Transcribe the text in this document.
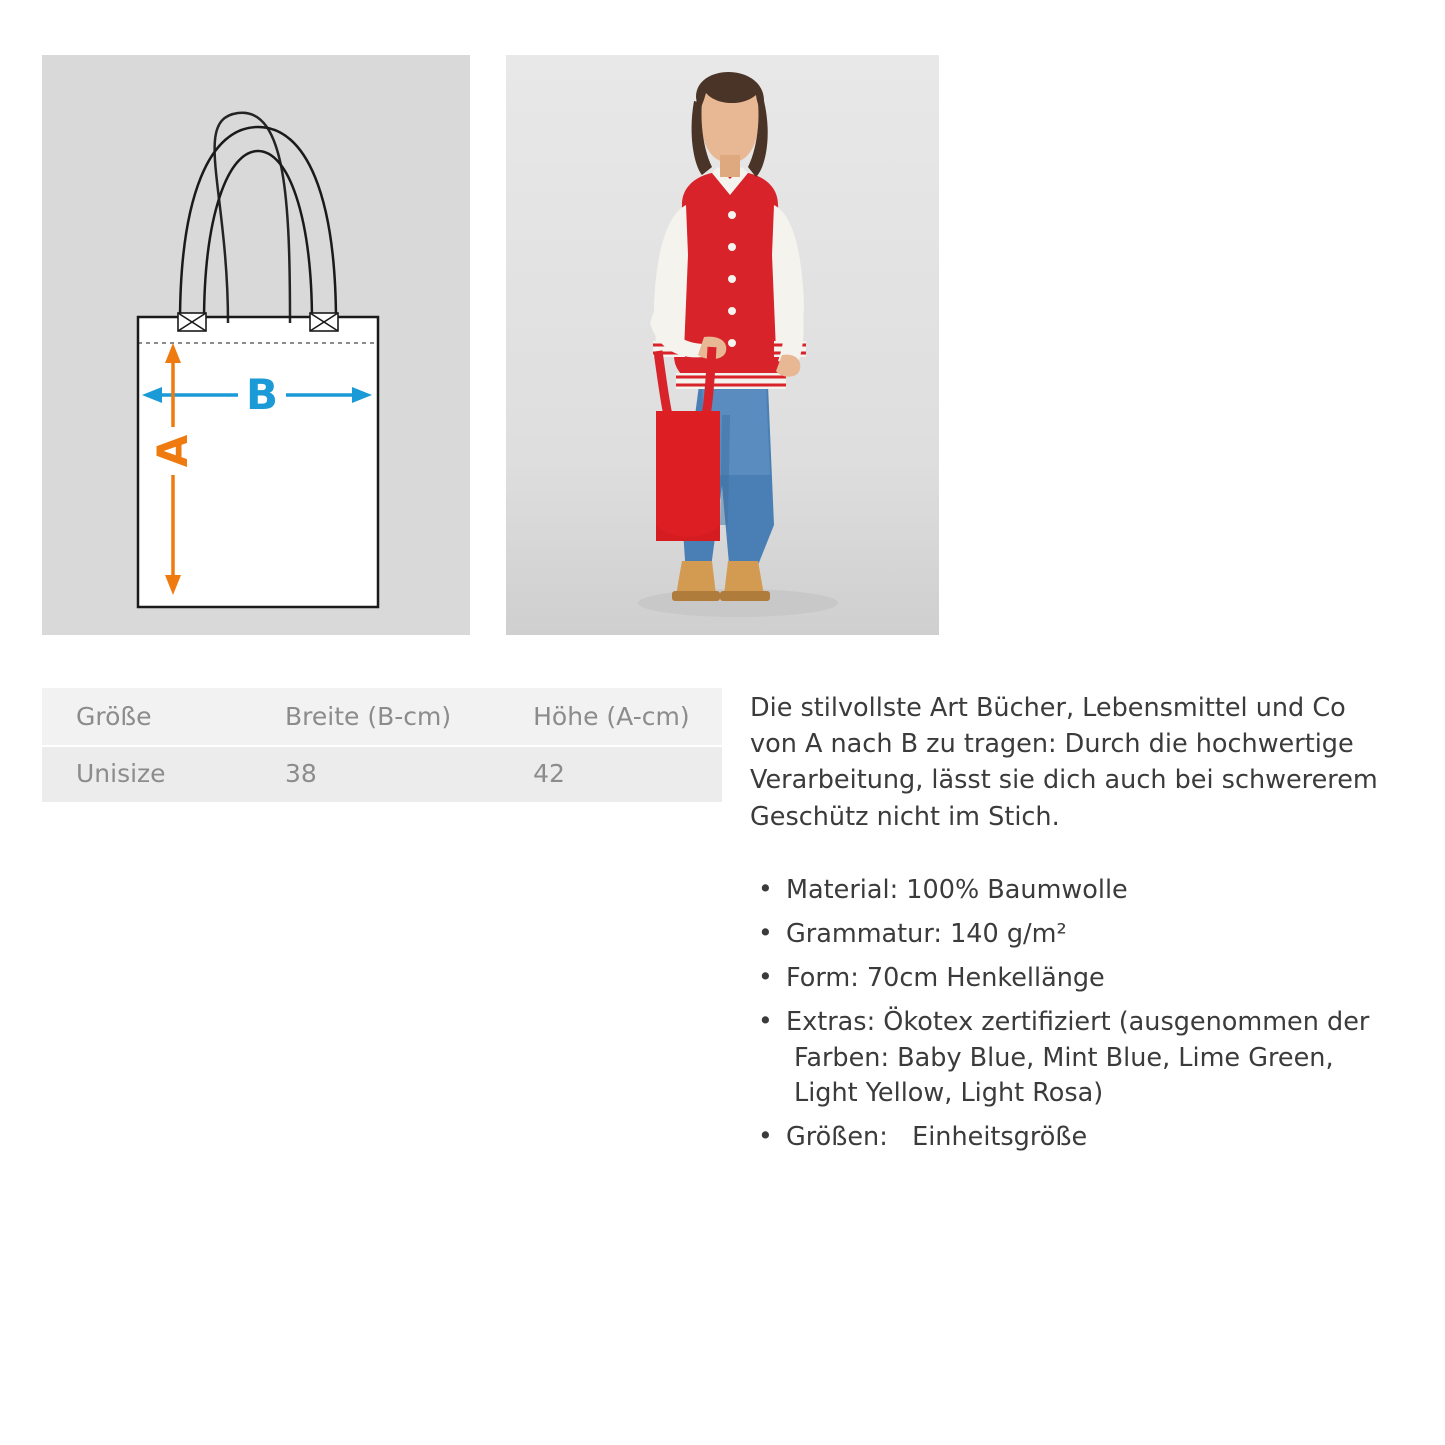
B
A
Größe	Breite (B-cm)	Höhe (A-cm)
Unisize	38	42

Die stilvollste Art Bücher, Lebensmittel und Co von A nach B zu tragen: Durch die hochwertige Verarbeitung, lässt sie dich auch bei schwererem Geschütz nicht im Stich.

• Material: 100% Baumwolle
• Grammatur: 140 g/m²
• Form: 70cm Henkellänge
• Extras: Ökotex zertifiziert (ausgenommen der
Farben: Baby Blue, Mint Blue, Lime Green,
Light Yellow, Light Rosa)
• Größen:   Einheitsgröße
